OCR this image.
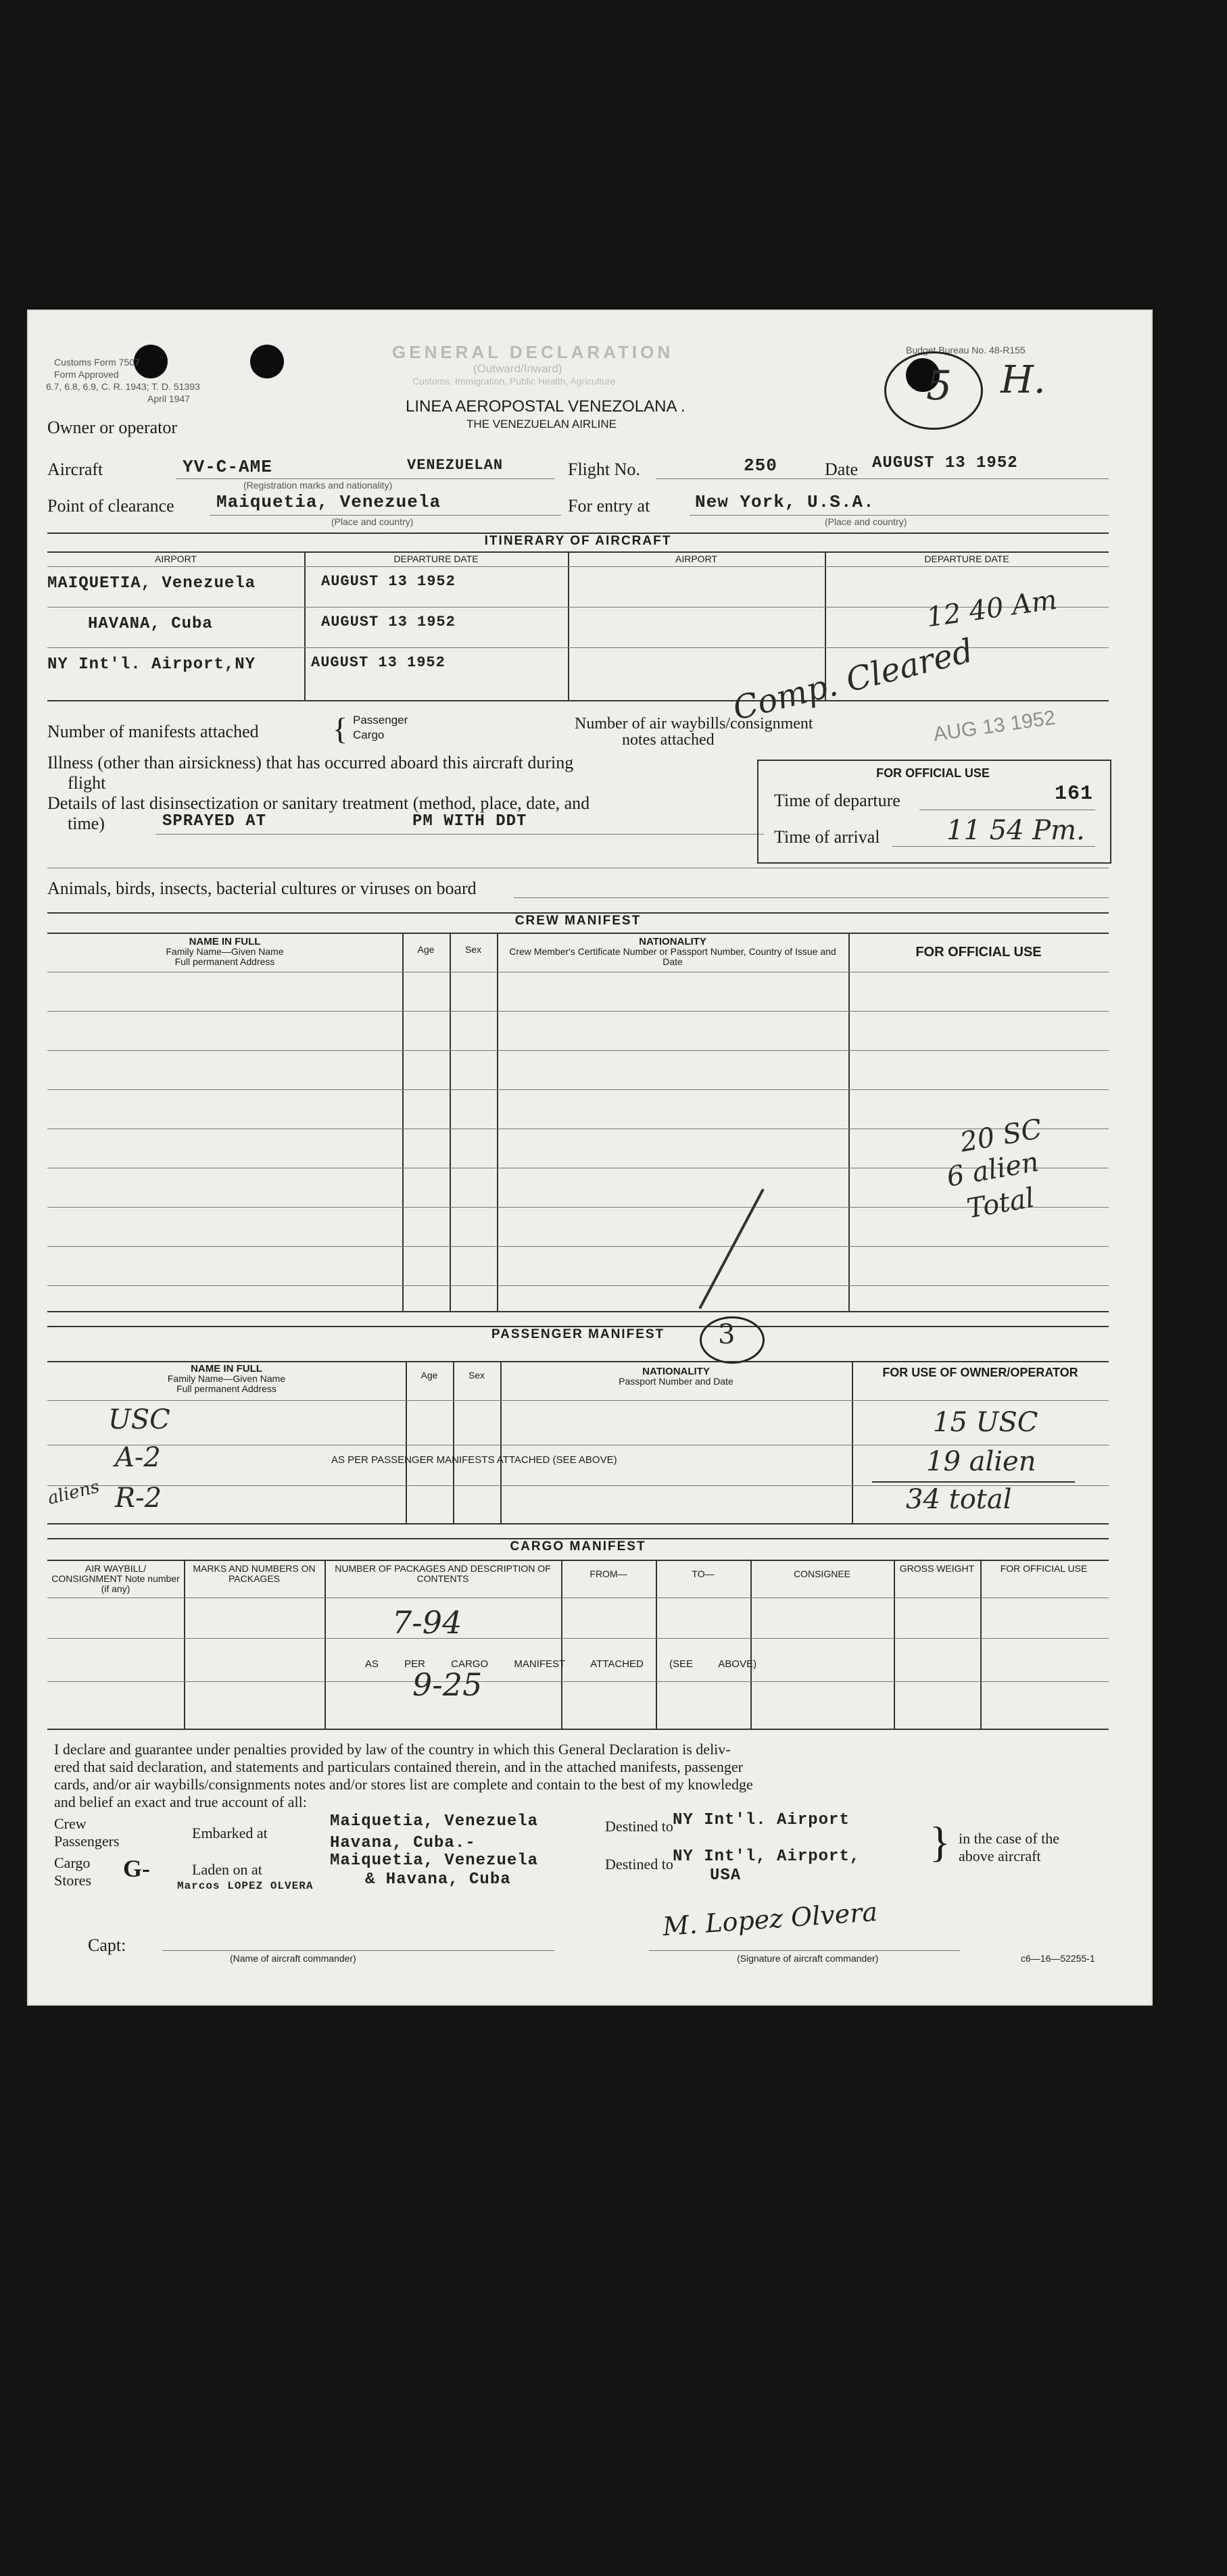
Customs Form 7507
Form Approved
6.7, 6.8, 6.9, C. R. 1943; T. D. 51393
April 1947
Budget Bureau No. 48-R155
GENERAL DECLARATION
(Outward/Inward)
Customs, Immigration, Public Health, Agriculture
LINEA AEROPOSTAL VENEZOLANA .
THE VENEZUELAN AIRLINE
5 H.
Owner or operator
Aircraft	YV-C-AME	VENEZUELAN
(Registration marks and nationality)
Flight No.	250	Date AUGUST 13 1952
Point of clearance Maiquetia, Venezuela
(Place and country)
For entry at	New York, U.S.A.
(Place and country)
ITINERARY OF AIRCRAFT
AIRPORT	DEPARTURE DATE	AIRPORT	DEPARTURE DATE
MAIQUETIA, Venezuela	AUGUST 13 1952
HAVANA, Cuba	AUGUST 13 1952
NY Int'l. Airport,NY	AUGUST 13 1952
12 40 Am
Comp. Cleared
AUG 13 1952
Number of manifests attached { Passenger
Cargo
Number of air waybills/consignment
notes attached
Illness (other than airsickness) that has occurred aboard this aircraft during
flight
Details of last disinsectization or sanitary treatment (method, place, date, and
time)	SPRAYED AT	PM WITH DDT
Animals, birds, insects, bacterial cultures or viruses on board
FOR OFFICIAL USE
Time of departure	161
Time of arrival 11 54 Pm.
CREW MANIFEST
NAME IN FULL
Family Name—Given Name
Full permanent Address
Age	Sex
NATIONALITY
Crew Member's Certificate Number or Passport Number, Country of Issue and Date
FOR OFFICIAL USE
20 SC
6 alien
Total
PASSENGER MANIFEST	3
NAME IN FULL
Family Name—Given Name
Full permanent Address
Age	Sex	NATIONALITY
Passport Number and Date
FOR USE OF OWNER/OPERATOR
AS PER PASSENGER MANIFESTS ATTACHED (SEE ABOVE)
USC
A-2
aliens R-2
15 USC
19 alien
34 total
CARGO MANIFEST
AIR WAYBILL/ CONSIGNMENT Note number (if any)
MARKS AND NUMBERS ON PACKAGES
NUMBER OF PACKAGES AND DESCRIPTION OF CONTENTS	FROM—	TO—	CONSIGNEE	GROSS WEIGHT	FOR OFFICIAL USE
AS PER CARGO MANIFEST ATTACHED (SEE ABOVE)
7-94
9-25
I declare and guarantee under penalties provided by law of the country in which this General Declaration is deliv-
ered that said declaration, and statements and particulars contained therein, and in the attached manifests, passenger
cards, and/or air waybills/consignments notes and/or stores list are complete and contain to the best of my knowledge
and belief an exact and true account of all:
Crew
Passengers
Cargo
Stores G-
Embarked at
Maiquetia, Venezuela
Havana, Cuba.-
Destined to NY Int'l. Airport
Laden on at	Maiquetia, Venezuela
& Havana, Cuba
Destined to NY Int'l, Airport,
USA
} in the case of the
above aircraft
Capt:
Marcos LOPEZ OLVERA
(Name of aircraft commander)
M. Lopez Olvera
(Signature of aircraft commander)	c6—16—52255-1
